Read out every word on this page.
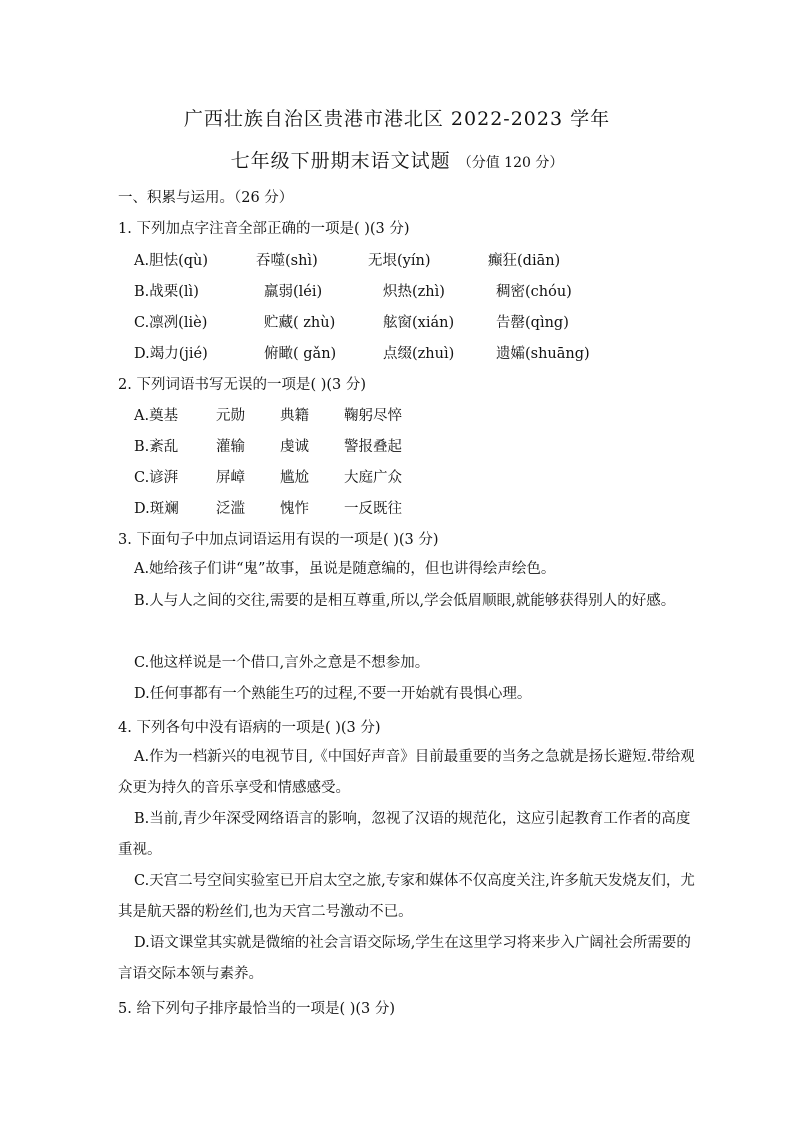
广西壮族自治区贵港市港北区 2022-2023 学年
七年级下册期末语文试题 （分值 120 分）
一、积累与运用。（26 分）
1. 下列加点字注音全部正确的一项是( )(3 分)
A.胆怯(qù)	吞噬(shì)	无垠(yín)	癫狂(diān)
B.战栗(lì)	羸弱(léi)	炽热(zhì)	稠密(chóu)
C.凛冽(liè)	贮藏( zhù)	舷窗(xián)	告罄(qìng)
D.竭力(jié)	俯瞰( gǎn)	点缀(zhuì)	遗孀(shuāng)
2. 下列词语书写无误的一项是( )(3 分)
A.奠基	元勋 典籍 鞠躬尽悴
B.紊乱	灌输 虔诚 警报叠起
C.谚湃	屏嶂 尴尬 大庭广众
D.斑斓	泛滥 愧怍 一反既往
3. 下面句子中加点词语运用有误的一项是( )(3 分)
A.她给孩子们讲“鬼”故事，虽说是随意编的，但也讲得绘声绘色。
B.人与人之间的交往,需要的是相互尊重,所以,学会低眉顺眼,就能够获得别人的好感。
C.他这样说是一个借口,言外之意是不想参加。
D.任何事都有一个熟能生巧的过程,不要一开始就有畏惧心理。
4. 下列各句中没有语病的一项是( )(3 分)
A.作为一档新兴的电视节目,《中国好声音》目前最重要的当务之急就是扬长避短.带给观众更为持久的音乐享受和情感感受。
B.当前,青少年深受网络语言的影响，忽视了汉语的规范化，这应引起教育工作者的高度重视。
C.天宫二号空间实验室已开启太空之旅,专家和媒体不仅高度关注,许多航天发烧友们，尤其是航天器的粉丝们,也为天宫二号激动不已。
D.语文课堂其实就是微缩的社会言语交际场,学生在这里学习将来步入广阔社会所需要的言语交际本领与素养。
5. 给下列句子排序最恰当的一项是( )(3 分)
